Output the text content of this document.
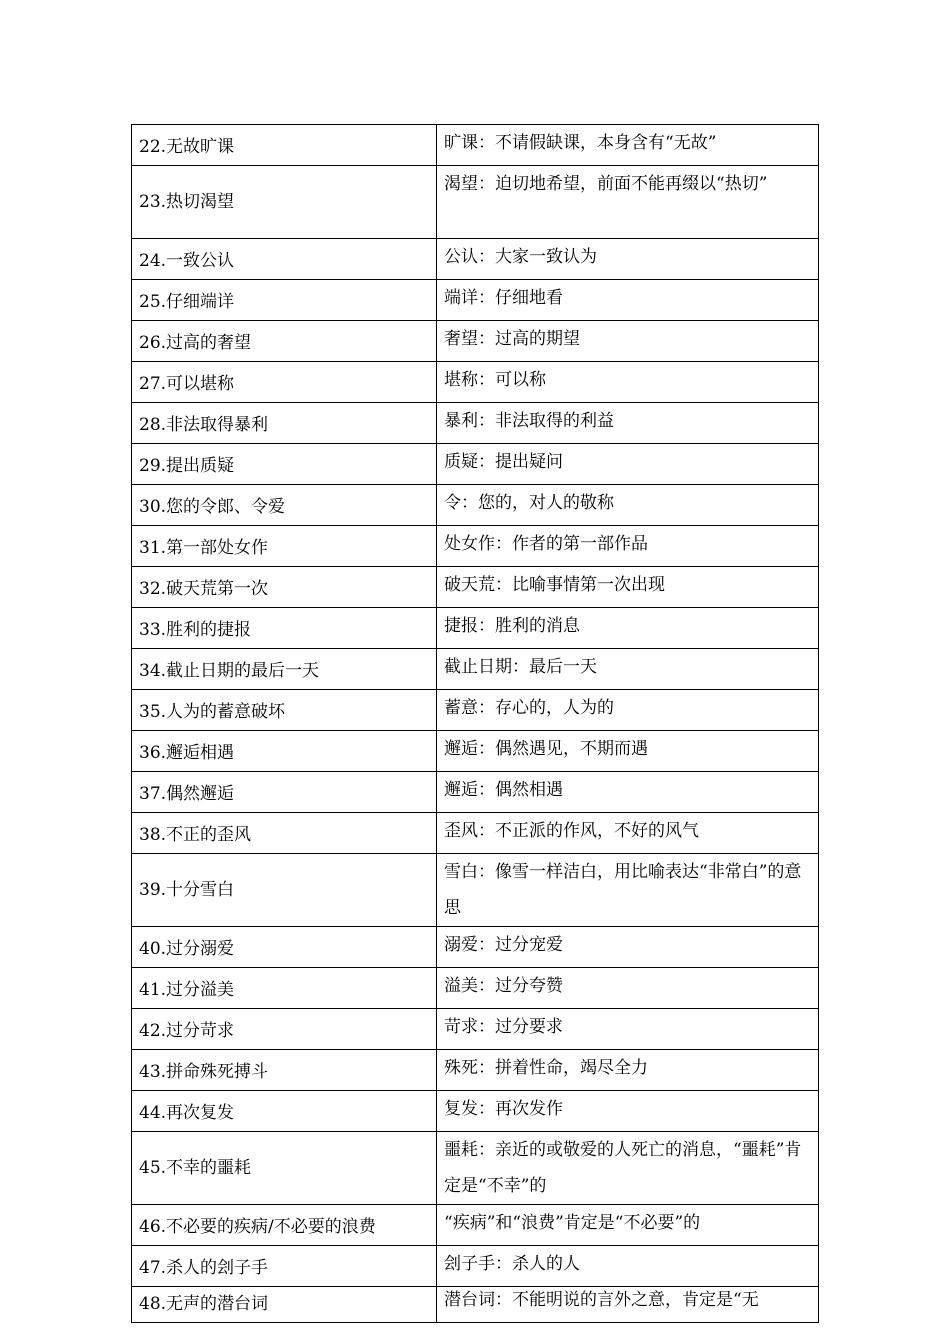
22.无故旷课	旷课：不请假缺课，本身含有“无故”
23.热切渴望	渴望：迫切地希望，前面不能再缀以“热切”
24.一致公认	公认：大家一致认为
25.仔细端详	端详：仔细地看
26.过高的奢望	奢望：过高的期望
27.可以堪称	堪称：可以称
28.非法取得暴利	暴利：非法取得的利益
29.提出质疑	质疑：提出疑问
30.您的令郎、令爱	令：您的，对人的敬称
31.第一部处女作	处女作：作者的第一部作品
32.破天荒第一次	破天荒：比喻事情第一次出现
33.胜利的捷报	捷报：胜利的消息
34.截止日期的最后一天	截止日期：最后一天
35.人为的蓄意破坏	蓄意：存心的，人为的
36.邂逅相遇	邂逅：偶然遇见，不期而遇
37.偶然邂逅	邂逅：偶然相遇
38.不正的歪风	歪风：不正派的作风，不好的风气
39.十分雪白	雪白：像雪一样洁白，用比喻表达“非常白”的意思
40.过分溺爱	溺爱：过分宠爱
41.过分溢美	溢美：过分夸赞
42.过分苛求	苛求：过分要求
43.拼命殊死搏斗	殊死：拼着性命，竭尽全力
44.再次复发	复发：再次发作
45.不幸的噩耗	噩耗：亲近的或敬爱的人死亡的消息，“噩耗”肯定是“不幸”的
46.不必要的疾病/不必要的浪费	“疾病”和“浪费”肯定是“不必要”的
47.杀人的刽子手	刽子手：杀人的人
48.无声的潜台词	潜台词：不能明说的言外之意，肯定是“无
